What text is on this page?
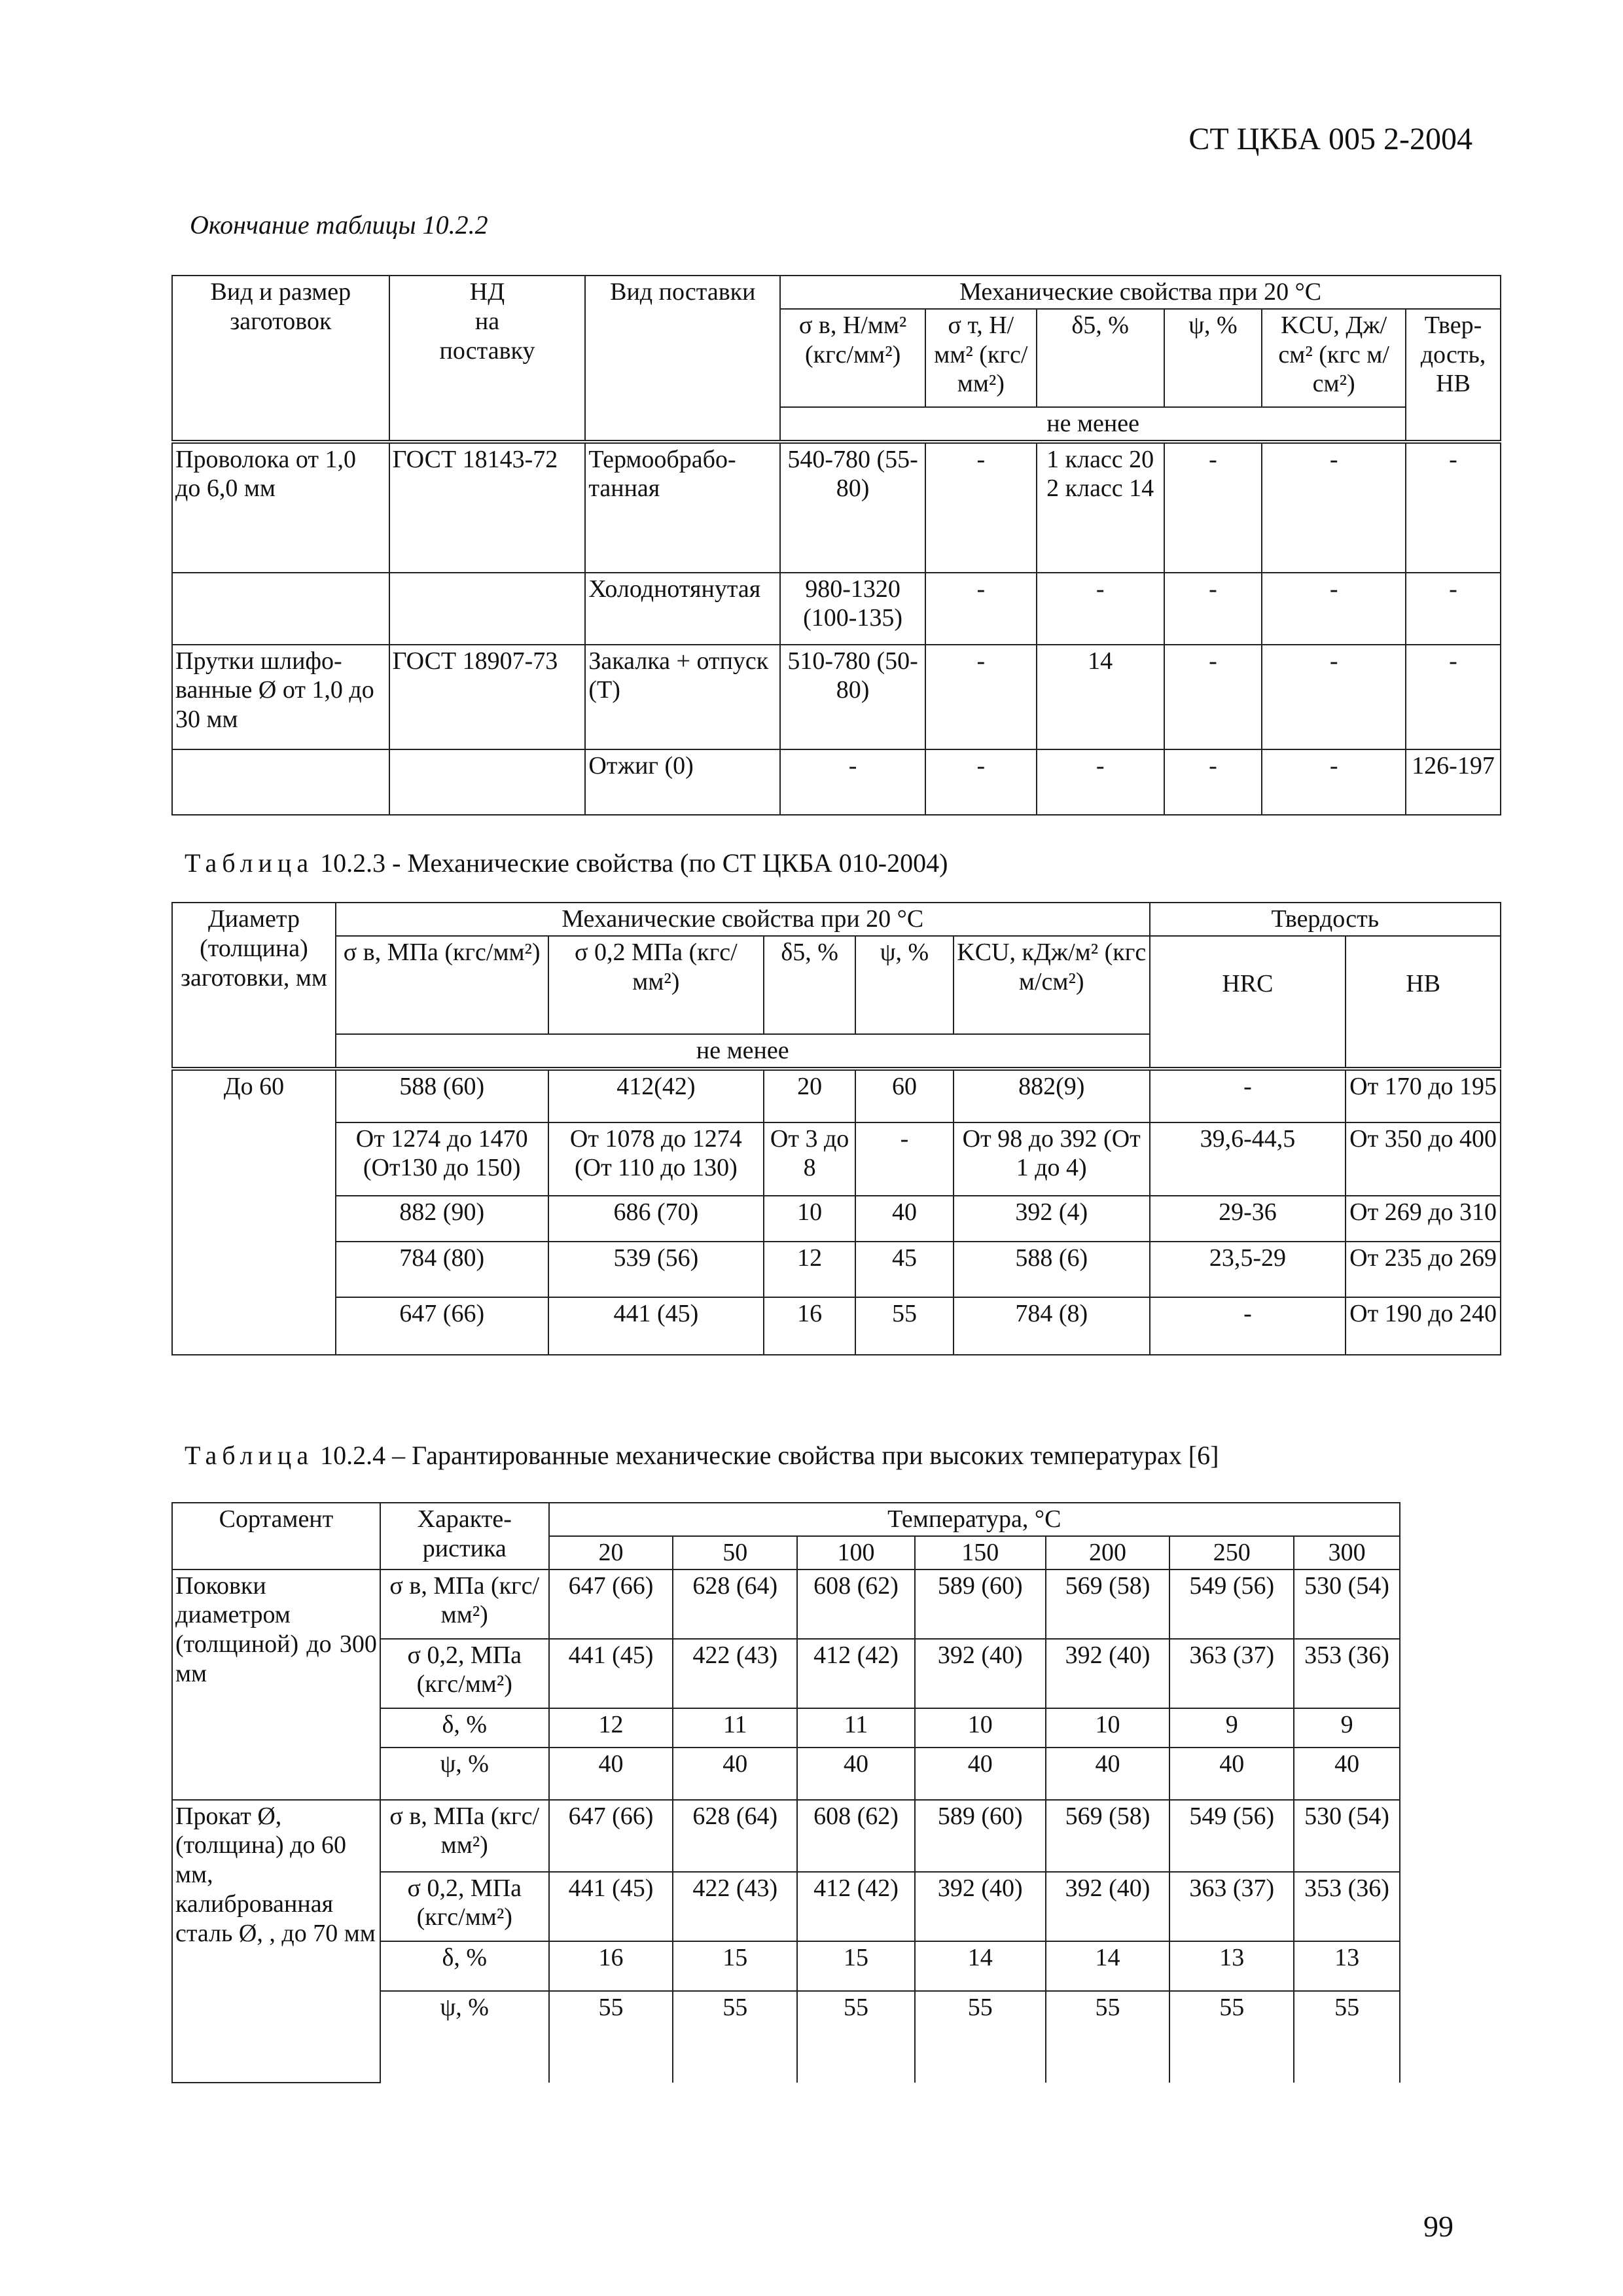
СТ ЦКБА 005 2-2004
Окончание таблицы 10.2.2
Вид и размер заготовок	НД
на
поставку	Вид поставки	Механические свойства при 20 °С					
			σ в, Н/мм² (кгс/мм²)	σ т, Н/мм² (кгс/мм²)	δ5, %	ψ, %	KCU, Дж/см² (кгс м/см²)	Твер-дость, НВ
			не менее					
Проволока от 1,0 до 6,0 мм	ГОСТ 18143-72	Термообрабо-танная	540-780 (55-80)	-	1 класс 20 2 класс 14	-	-	-
		Холоднотянутая	980-1320 (100-135)	-	-	-	-	-
Прутки шлифо-ванные Ø от 1,0 до 30 мм	ГОСТ 18907-73	Закалка + отпуск (Т)	510-780 (50-80)	-	14	-	-	-
		Отжиг (0)	-	-	-	-	-	126-197
Таблица 10.2.3 - Механические свойства (по СТ ЦКБА 010-2004)
Диаметр (толщина) заготовки, мм	Механические свойства при 20 °С					Твердость	
	σ в, МПа (кгс/мм²)	σ 0,2 МПа (кгс/мм²)	δ5, %	ψ, %	KCU, кДж/м² (кгс м/см²)	HRC	HB
	не менее						
До 60	588 (60)	412(42)	20	60	882(9)	-	От 170 до 195
	От 1274 до 1470 (От130 до 150)	От 1078 до 1274 (От 110 до 130)	От 3 до 8	-	От 98 до 392 (От 1 до 4)	39,6-44,5	От 350 до 400
	882 (90)	686 (70)	10	40	392 (4)	29-36	От 269 до 310
	784 (80)	539 (56)	12	45	588 (6)	23,5-29	От 235 до 269
	647 (66)	441 (45)	16	55	784 (8)	-	От 190 до 240
Таблица 10.2.4 – Гарантированные механические свойства при высоких температурах [6]
Сортамент	Характе-ристика	Температура, °С						
		20	50	100	150	200	250	300
Поковки диаметром (толщиной) до 300 мм	σ в, МПа (кгс/мм²)	647 (66)	628 (64)	608 (62)	589 (60)	569 (58)	549 (56)	530 (54)
	σ 0,2, МПа (кгс/мм²)	441 (45)	422 (43)	412 (42)	392 (40)	392 (40)	363 (37)	353 (36)
	δ, %	12	11	11	10	10	9	9
	ψ, %	40	40	40	40	40	40	40
Прокат Ø, (толщина) до 60 мм, калиброванная сталь Ø, , до 70 мм	σ в, МПа (кгс/мм²)	647 (66)	628 (64)	608 (62)	589 (60)	569 (58)	549 (56)	530 (54)
	σ 0,2, МПа (кгс/мм²)	441 (45)	422 (43)	412 (42)	392 (40)	392 (40)	363 (37)	353 (36)
	δ, %	16	15	15	14	14	13	13
	ψ, %	55	55	55	55	55	55	55
99
